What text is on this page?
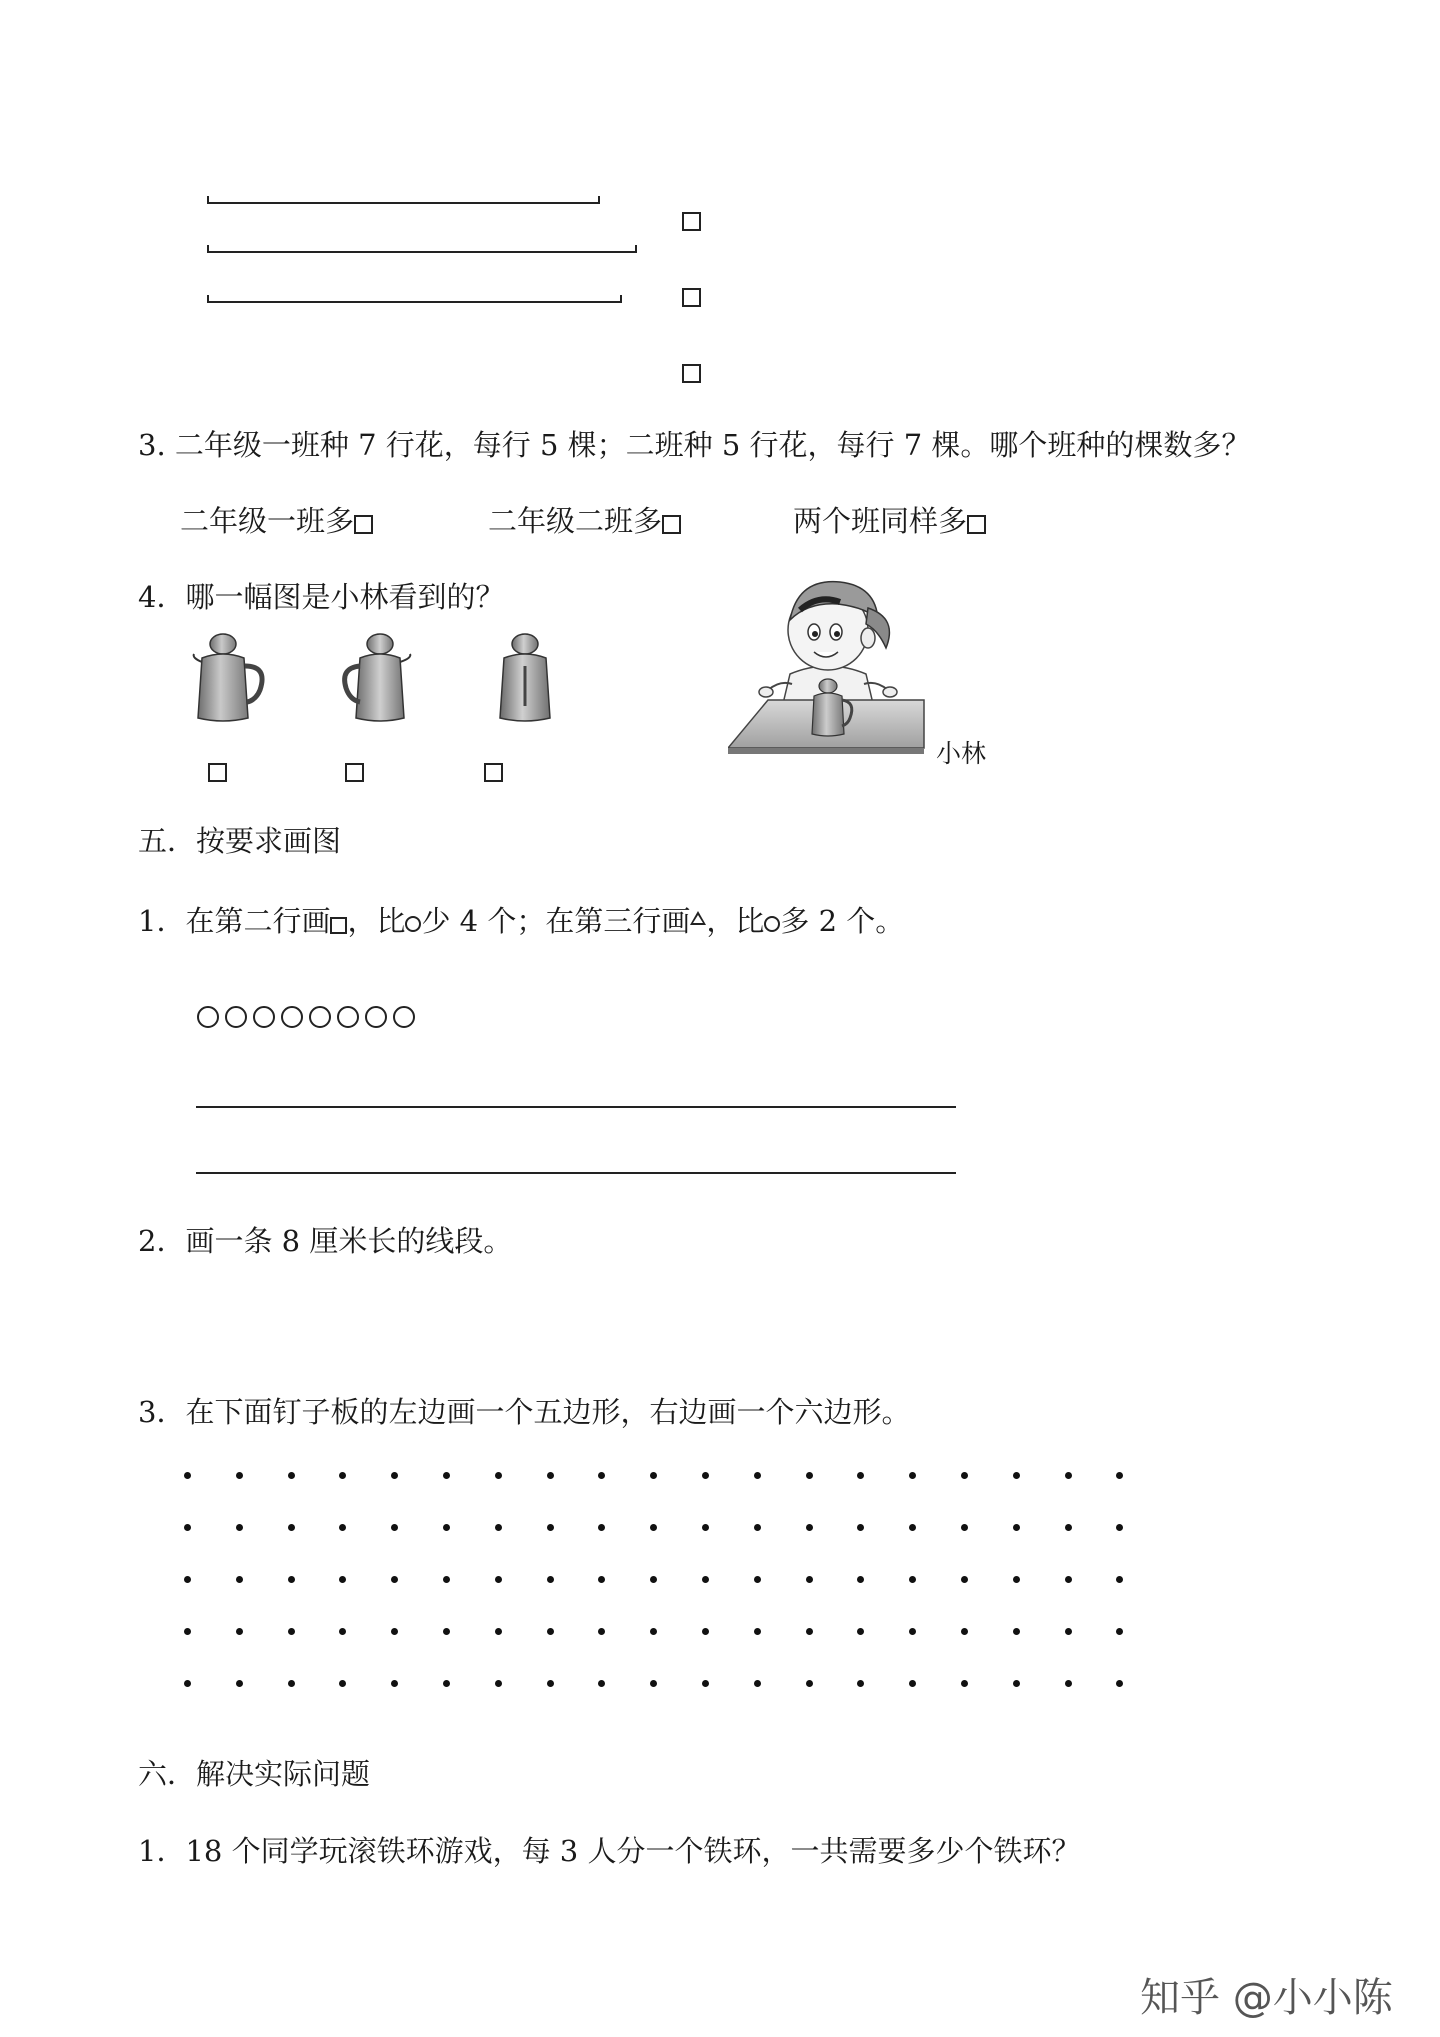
3. 二年级一班种 7 行花，每行 5 棵；二班种 5 行花，每行 7 棵。哪个班种的棵数多？
二年级一班多	二年级二班多	两个班同样多
4．哪一幅图是小林看到的？
小林
五．按要求画图
1．在第二行画 ，比 少 4 个；在第三行画 ，比 多 2 个。
2．画一条 8 厘米长的线段。
3．在下面钉子板的左边画一个五边形，右边画一个六边形。
六．解决实际问题
1．18 个同学玩滚铁环游戏，每 3 人分一个铁环，一共需要多少个铁环？
知乎 @小小陈
